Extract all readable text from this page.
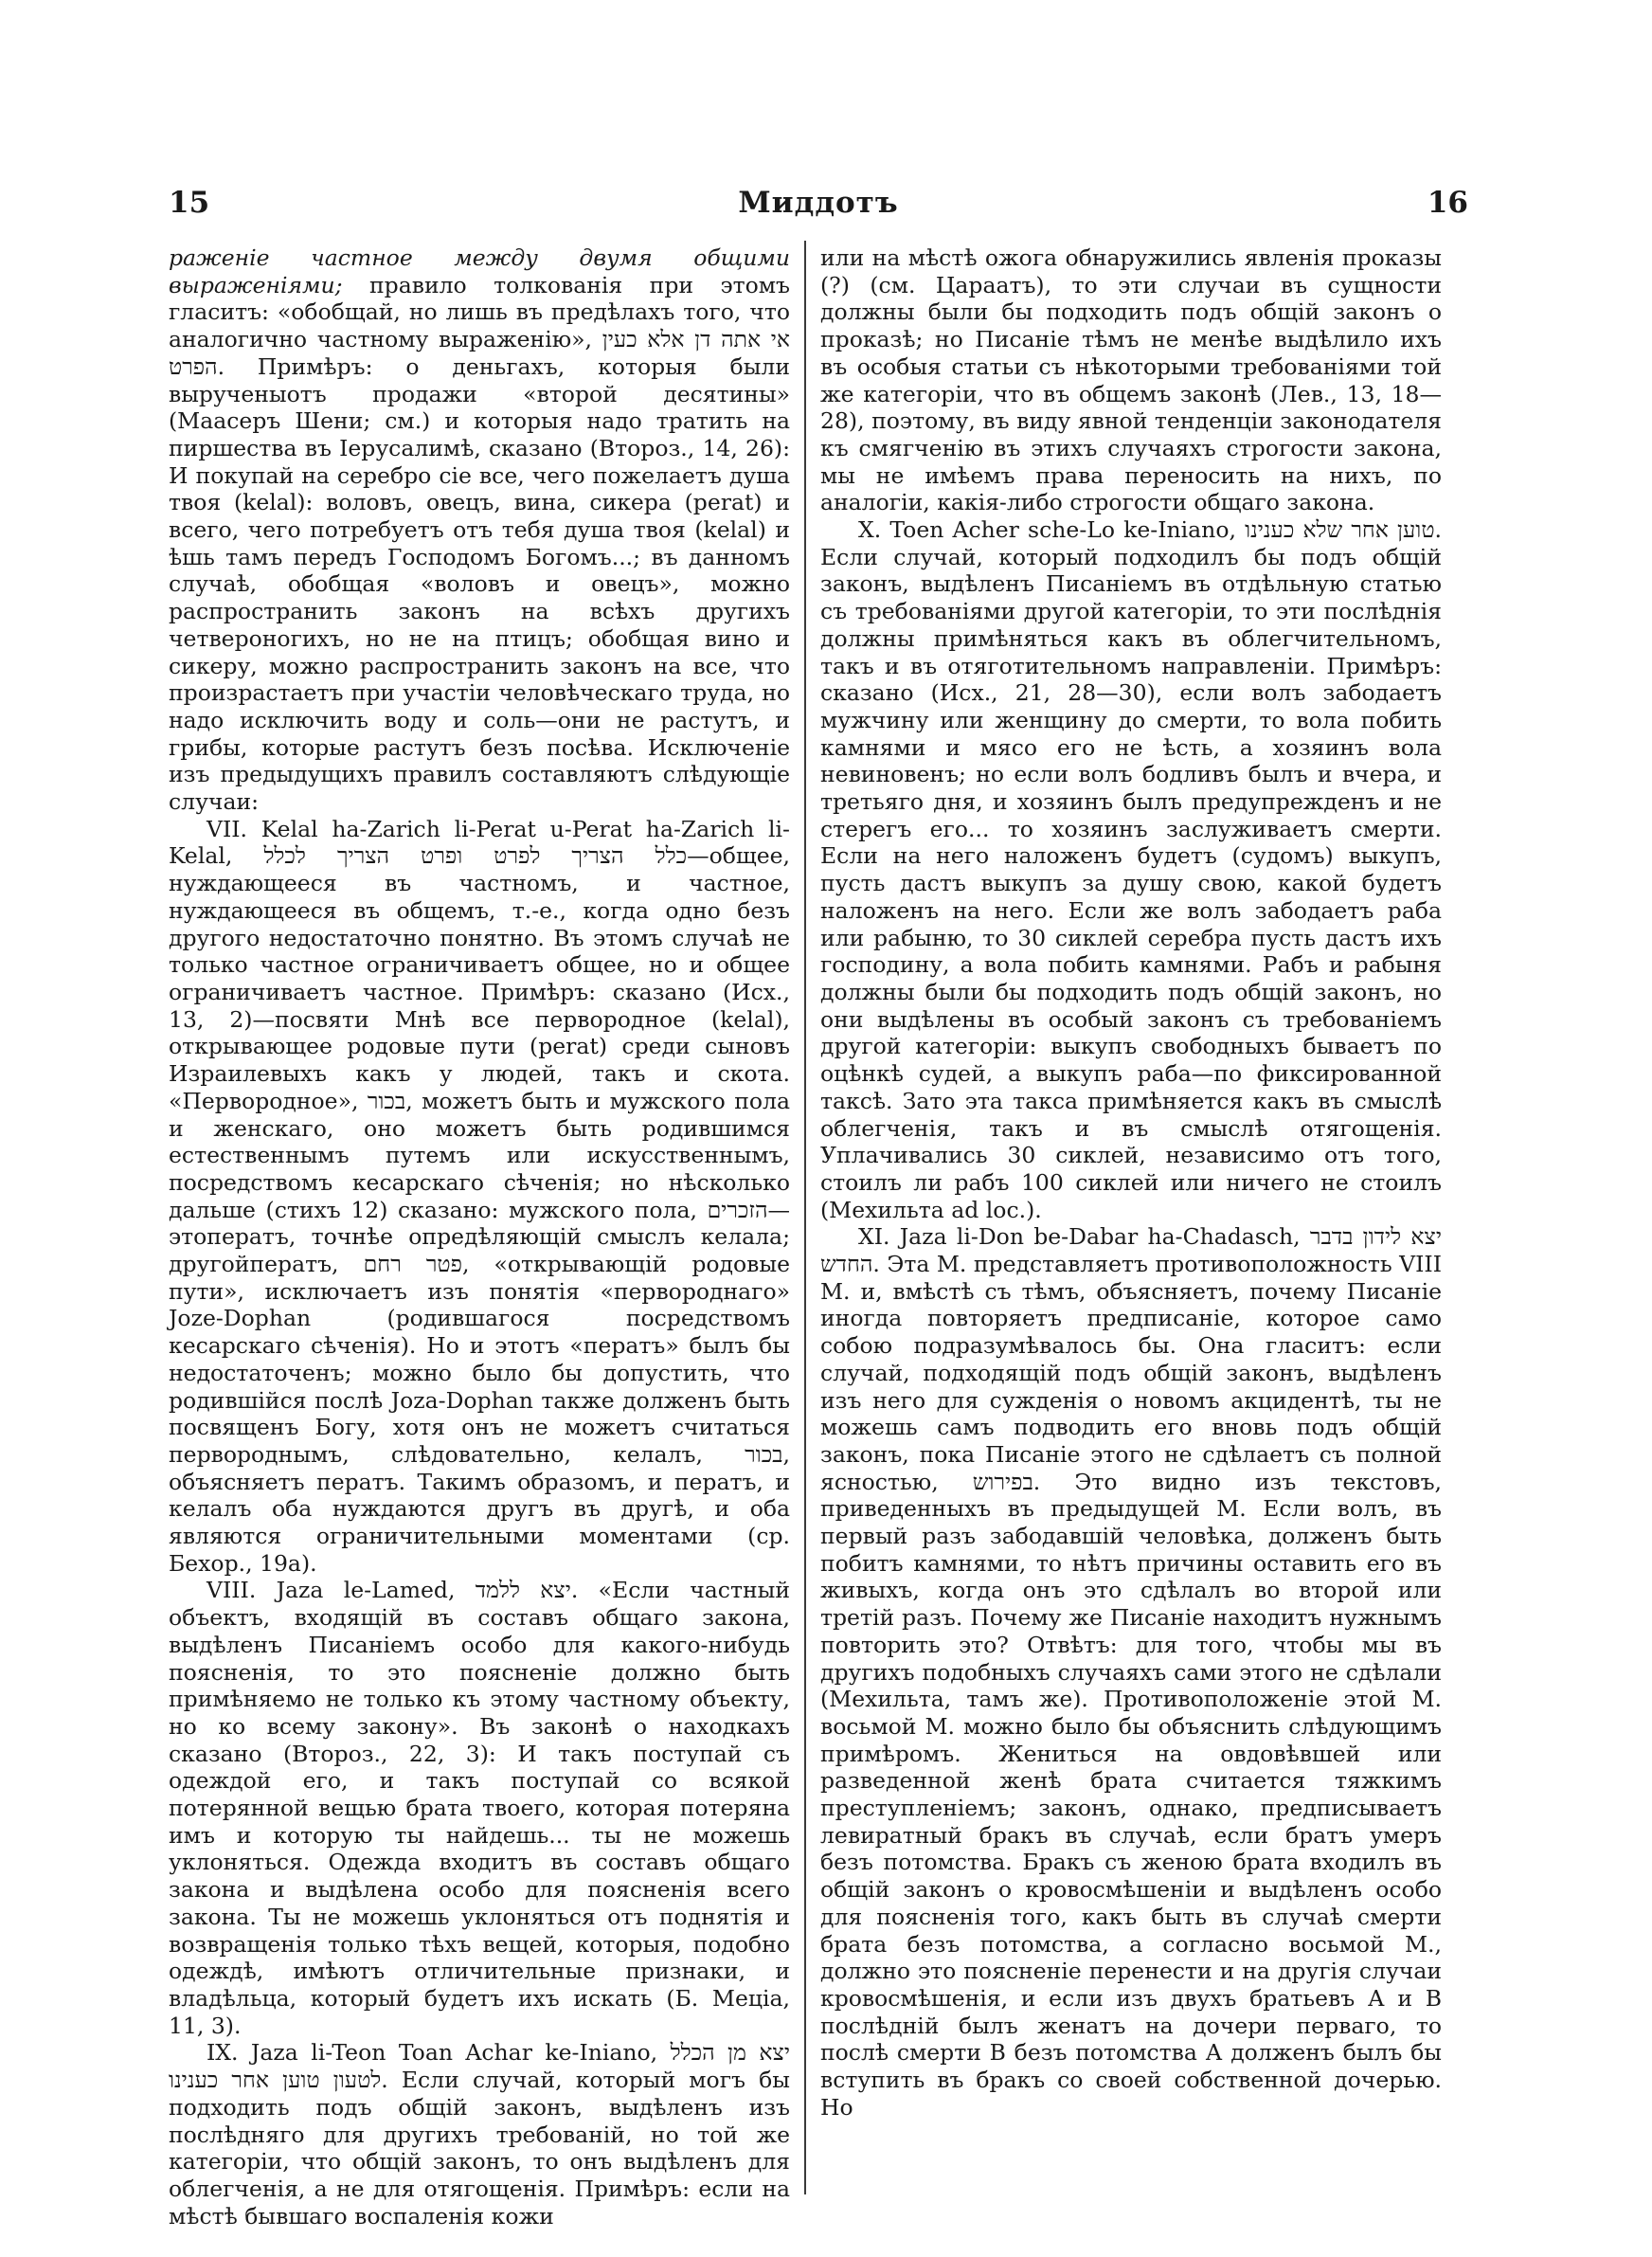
15	Миддотъ	16

раженіе частное между двумя общими выраженіями; правило толкованія при этомъ гласитъ: «обобщай, но лишь въ предѣлахъ того, что аналогично частному выраженію», אי אתה דן אלא כעין הפרט. Примѣръ: о деньгахъ, которыя были вырученыотъ продажи «второй десятины» (Маасеръ Шени; см.) и которыя надо тратить на пиршества въ Іерусалимѣ, сказано (Второз., 14, 26): И покупай на серебро сіе все, чего пожелаетъ душа твоя (kelal): воловъ, овецъ, вина, сикера (perat) и всего, чего потребуетъ отъ тебя душа твоя (kelal) и ѣшь тамъ передъ Господомъ Богомъ...; въ данномъ случаѣ, обобщая «воловъ и овецъ», можно распространить законъ на всѣхъ другихъ четвероногихъ, но не на птицъ; обобщая вино и сикеру, можно распространить законъ на все, что произрастаетъ при участіи человѣческаго труда, но надо исключить воду и соль—они не растутъ, и грибы, которые растутъ безъ посѣва. Исключеніе изъ предыдущихъ правилъ составляютъ слѣдующіе случаи:

VII. Kelal ha-Zarich li-Perat u-Perat ha-Zarich li-Kelal, כלל הצריך לפרט ופרט הצריך לכלל—общее, нуждающееся въ частномъ, и частное, нуждающееся въ общемъ, т.-е., когда одно безъ другого недостаточно понятно. Въ этомъ случаѣ не только частное ограничиваетъ общее, но и общее ограничиваетъ частное. Примѣръ: сказано (Исх., 13, 2)—посвяти Мнѣ все первородное (kelal), открывающее родовые пути (perat) среди сыновъ Израилевыхъ какъ у людей, такъ и скота. «Перворoдное», בכור, можетъ быть и мужского пола и женскаго, оно можетъ быть родившимся естественнымъ путемъ или искусственнымъ, посредствомъ кесарскаго сѣченія; но нѣсколько дальше (стихъ 12) сказано: мужского пола, הזכרים—этоператъ, точнѣе опредѣляющій смыслъ келала; другойператъ, פטר רחם, «открывающій родовые пути», исключаетъ изъ понятія «первороднаго» Joze-Dophan (родившагося посредствомъ кесарскаго сѣченія). Но и этотъ «ператъ» былъ бы недостаточенъ; можно было бы допустить, что родившійся послѣ Joza-Dophan также долженъ быть посвященъ Богу, хотя онъ не можетъ считаться первороднымъ, слѣдовательно, келалъ, בכור, объясняетъ ператъ. Такимъ образомъ, и ператъ, и келалъ оба нуждаются другъ въ другѣ, и оба являются ограничительными моментами (ср. Бехор., 19а).

VIII. Jaza le-Lamed, יצא ללמד. «Если частный объектъ, входящій въ составъ общаго закона, выдѣленъ Писаніемъ особо для какого-нибудь поясненія, то это поясненіе должно быть примѣняемо не только къ этому частному объекту, но ко всему закону». Въ законѣ о находкахъ сказано (Второз., 22, 3): И такъ поступай съ одеждой его, и такъ поступай со всякой потерянной вещью брата твоего, которая потеряна имъ и которую ты найдешь... ты не можешь уклоняться. Одежда входитъ въ составъ общаго закона и выдѣлена особо для поясненія всего закона. Ты не можешь уклоняться отъ поднятія и возвращенія только тѣхъ вещей, которыя, подобно одеждѣ, имѣютъ отличительные признаки, и владѣльца, который будетъ ихъ искать (Б. Меціа, 11, 3).

IX. Jaza li-Teon Toan Achar ke-Iniano, יצא מן הכלל לטעון טוען אחר כענינו. Если случай, который могъ бы подходить подъ общій законъ, выдѣленъ изъ послѣдняго для другихъ требованій, но той же категоріи, что общій законъ, то онъ выдѣленъ для облегченія, а не для отягощенія. Примѣръ: если на мѣстѣ бывшаго воспаленія кожи

или на мѣстѣ ожога обнаружились явленія проказы (?) (см. Цараатъ), то эти случаи въ сущности должны были бы подходить подъ общій законъ о проказѣ; но Писаніе тѣмъ не менѣе выдѣлило ихъ въ особыя статьи съ нѣкоторыми требованіями той же категоріи, что въ общемъ законѣ (Лев., 13, 18—28), поэтому, въ виду явной тенденціи законодателя къ смягченію въ этихъ случаяхъ строгости закона, мы не имѣемъ права переносить на нихъ, по аналогіи, какія-либо строгости общаго закона.

X. Toen Acher sche-Lo ke-Iniano, טוען אחר שלא כענינו. Если случай, который подходилъ бы подъ общій законъ, выдѣленъ Писаніемъ въ отдѣльную статью съ требованіями другой категоріи, то эти послѣднія должны примѣняться какъ въ облегчительномъ, такъ и въ отяготительномъ направленіи. Примѣръ: сказано (Исх., 21, 28—30), если волъ забодаетъ мужчину или женщину до смерти, то вола побить камнями и мясо его не ѣсть, а хозяинъ вола невиновенъ; но если волъ бодливъ былъ и вчера, и третьяго дня, и хозяинъ былъ предупрежденъ и не стерегъ его... то хозяинъ заслуживаетъ смерти. Если на него наложенъ будетъ (судомъ) выкупъ, пусть дастъ выкупъ за душу свою, какой будетъ наложенъ на него. Если же волъ забодаетъ раба или рабыню, то 30 сиклей серебра пусть дастъ ихъ господину, а вола побить камнями. Рабъ и рабыня должны были бы подходить подъ общій законъ, но они выдѣлены въ особый законъ съ требованіемъ другой категоріи: выкупъ свободныхъ бываетъ по оцѣнкѣ судей, а выкупъ раба—по фиксированной таксѣ. Зато эта такса примѣняется какъ въ смыслѣ облегченія, такъ и въ смыслѣ отягощенія. Уплачивались 30 сиклей, независимо отъ того, стоилъ ли рабъ 100 сиклей или ничего не стоилъ (Мехильта ad loc.).

XI. Jaza li-Don be-Dabar ha-Chadasch, יצא לידון בדבר החדש. Эта М. представляетъ противоположность VIII М. и, вмѣстѣ съ тѣмъ, объясняетъ, почему Писаніе иногда повторяетъ предписаніе, которое само собою подразумѣвалось бы. Она гласитъ: если случай, подходящій подъ общій законъ, выдѣленъ изъ него для сужденія о новомъ акцидентѣ, ты не можешь самъ подводить его вновь подъ общій законъ, пока Писаніе этого не сдѣлаетъ съ полной ясностью, בפירוש. Это видно изъ текстовъ, приведенныхъ въ предыдущей М. Если волъ, въ первый разъ забодавшій человѣка, долженъ быть побитъ камнями, то нѣтъ причины оставить его въ живыхъ, когда онъ это сдѣлалъ во второй или третій разъ. Почему же Писаніе находитъ нужнымъ повторить это? Отвѣтъ: для того, чтобы мы въ другихъ подобныхъ случаяхъ сами этого не сдѣлали (Мехильта, тамъ же). Противоположеніе этой М. восьмой М. можно было бы объяснить слѣдующимъ примѣромъ. Жениться на овдовѣвшей или разведенной женѣ брата считается тяжкимъ преступленіемъ; законъ, однако, предписываетъ левиратный бракъ въ случаѣ, если братъ умеръ безъ потомства. Бракъ съ женою брата входилъ въ общій законъ о кровосмѣшеніи и выдѣленъ особо для поясненія того, какъ быть въ случаѣ смерти брата безъ потомства, а согласно восьмой М., должно это поясненіе перенести и на другія случаи кровосмѣшенія, и если изъ двухъ братьевъ А и В послѣдній былъ женатъ на дочери перваго, то послѣ смерти В безъ потомства А долженъ былъ бы вступить въ бракъ со своей собственной дочерью. Но
